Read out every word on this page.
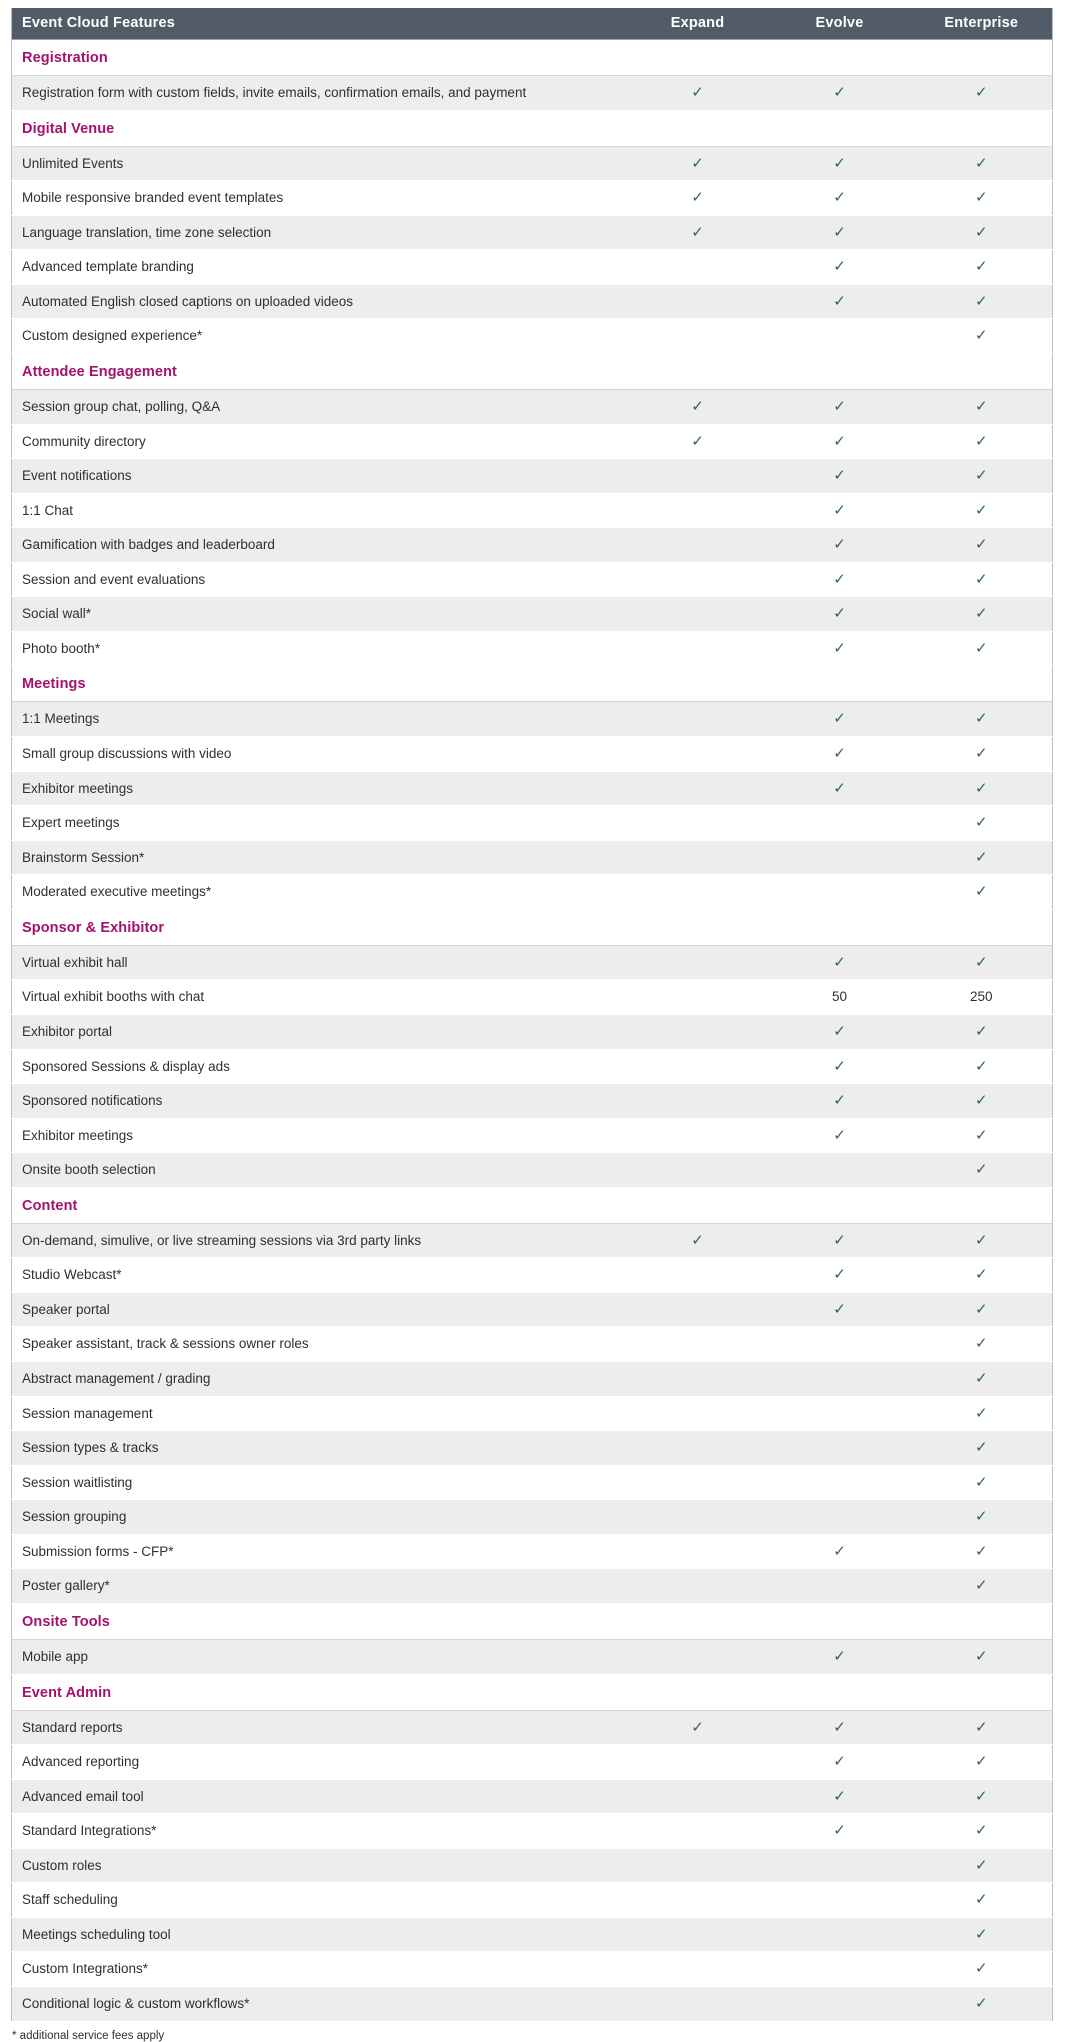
Event Cloud Features	Expand	Evolve	Enterprise
Registration			
Registration form with custom fields, invite emails, confirmation emails, and payment	✓	✓	✓
Digital Venue			
Unlimited Events	✓	✓	✓
Mobile responsive branded event templates	✓	✓	✓
Language translation, time zone selection	✓	✓	✓
Advanced template branding		✓	✓
Automated English closed captions on uploaded videos		✓	✓
Custom designed experience*			✓
Attendee Engagement			
Session group chat, polling, Q&A	✓	✓	✓
Community directory	✓	✓	✓
Event notifications		✓	✓
1:1 Chat		✓	✓
Gamification with badges and leaderboard		✓	✓
Session and event evaluations		✓	✓
Social wall*		✓	✓
Photo booth*		✓	✓
Meetings			
1:1 Meetings		✓	✓
Small group discussions with video		✓	✓
Exhibitor meetings		✓	✓
Expert meetings			✓
Brainstorm Session*			✓
Moderated executive meetings*			✓
Sponsor & Exhibitor			
Virtual exhibit hall		✓	✓
Virtual exhibit booths with chat		50	250
Exhibitor portal		✓	✓
Sponsored Sessions & display ads		✓	✓
Sponsored notifications		✓	✓
Exhibitor meetings		✓	✓
Onsite booth selection			✓
Content			
On-demand, simulive, or live streaming sessions via 3rd party links	✓	✓	✓
Studio Webcast*		✓	✓
Speaker portal		✓	✓
Speaker assistant, track & sessions owner roles			✓
Abstract management / grading			✓
Session management			✓
Session types & tracks			✓
Session waitlisting			✓
Session grouping			✓
Submission forms - CFP*		✓	✓
Poster gallery*			✓
Onsite Tools			
Mobile app		✓	✓
Event Admin			
Standard reports	✓	✓	✓
Advanced reporting		✓	✓
Advanced email tool		✓	✓
Standard Integrations*		✓	✓
Custom roles			✓
Staff scheduling			✓
Meetings scheduling tool			✓
Custom Integrations*			✓
Conditional logic & custom workflows*			✓
* additional service fees apply
